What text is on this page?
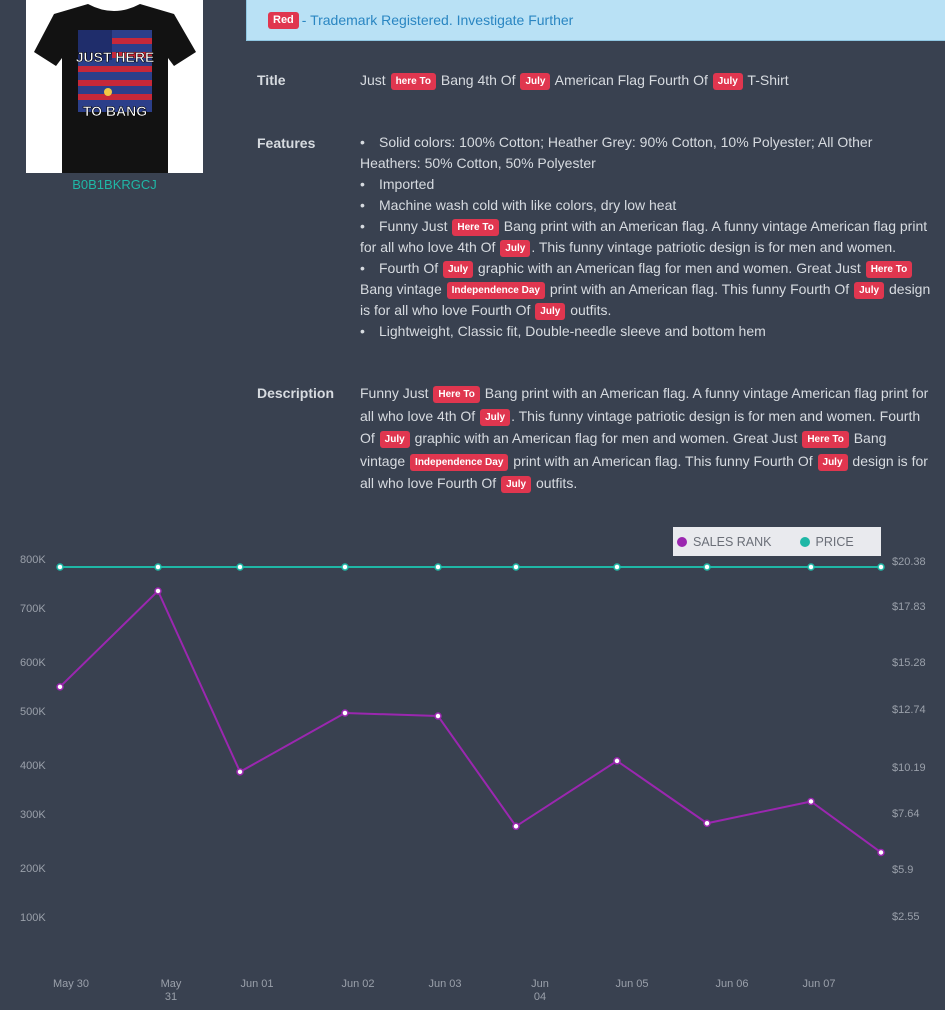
JUST HERE
TO BANG
B0B1BKRGCJ
Red - Trademark Registered. Investigate Further
Title	Just here To Bang 4th Of July American Flag Fourth Of July T-Shirt
Features	• Solid colors: 100% Cotton; Heather Grey: 90% Cotton, 10% Polyester; All Other Heathers: 50% Cotton, 50% Polyester
• Imported
• Machine wash cold with like colors, dry low heat
• Funny Just Here To Bang print with an American flag. A funny vintage American flag print for all who love 4th Of July . This funny vintage patriotic design is for men and women.
• Fourth Of July graphic with an American flag for men and women. Great Just Here To Bang vintage Independence Day print with an American flag. This funny Fourth Of July design is for all who love Fourth Of July outfits.
• Lightweight, Classic fit, Double-needle sleeve and bottom hem
Description Funny Just Here To Bang print with an American flag. A funny vintage American flag print for all who love 4th Of July . This funny vintage patriotic design is for men and women. Fourth Of July graphic with an American flag for men and women. Great Just Here To Bang vintage Independence Day print with an American flag. This funny Fourth Of July design is for all who love Fourth Of July outfits.
SALES RANK	PRICE
800K
700K
600K
500K
400K
300K
200K
100K
$20.38
$17.83
$15.28
$12.74
$10.19
$7.64
$5.9
$2.55
May 30	May
31
Jun 01	Jun 02	Jun 03	Jun
04
Jun 05	Jun 06	Jun 07
